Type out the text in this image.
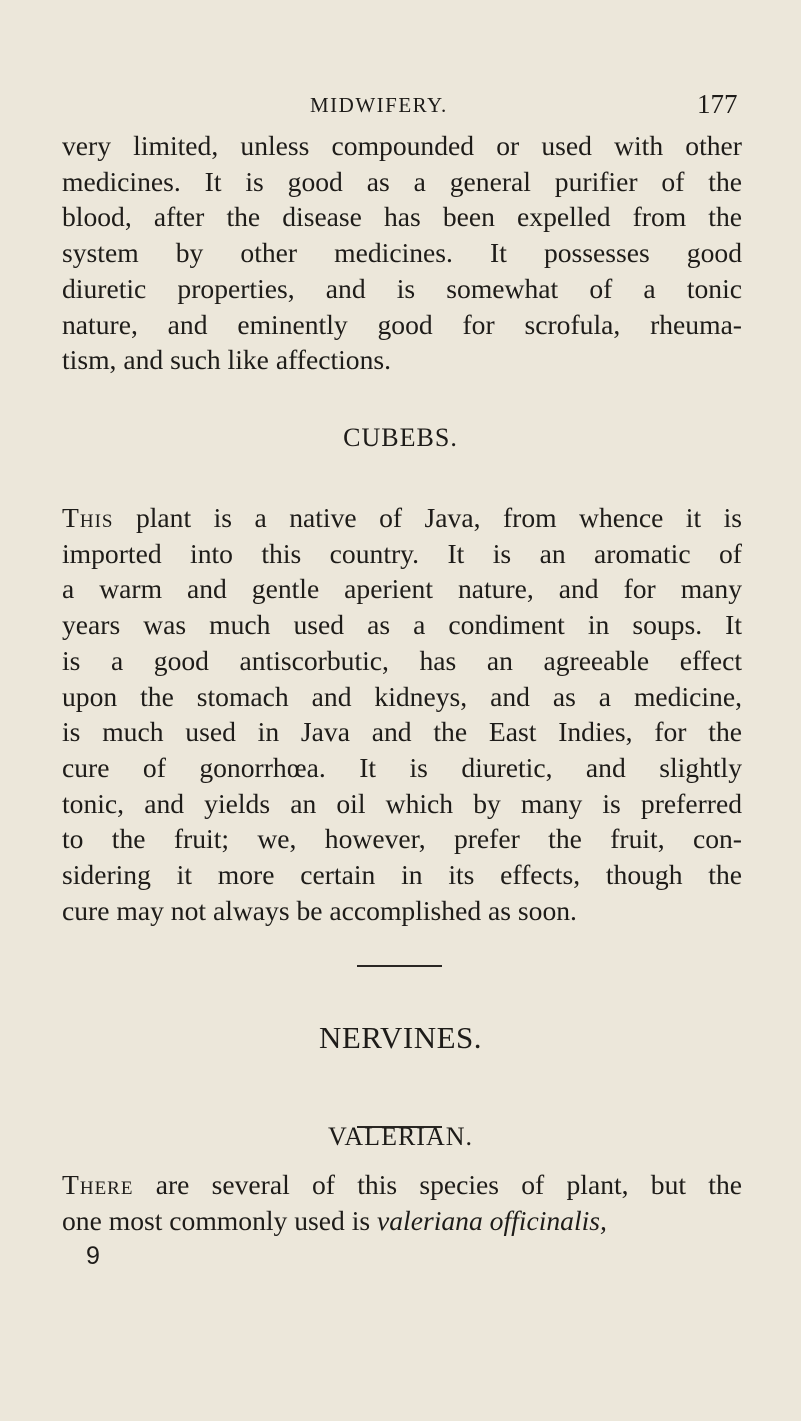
MIDWIFERY.	177
very limited, unless compounded or used with other
medicines. It is good as a general purifier of the
blood, after the disease has been expelled from the
system by other medicines. It possesses good
diuretic properties, and is somewhat of a tonic
nature, and eminently good for scrofula, rheuma-
tism, and such like affections.
CUBEBS.
This plant is a native of Java, from whence it is
imported into this country. It is an aromatic of
a warm and gentle aperient nature, and for many
years was much used as a condiment in soups. It
is a good antiscorbutic, has an agreeable effect
upon the stomach and kidneys, and as a medicine,
is much used in Java and the East Indies, for the
cure of gonorrhœa. It is diuretic, and slightly
tonic, and yields an oil which by many is preferred
to the fruit; we, however, prefer the fruit, con-
sidering it more certain in its effects, though the
cure may not always be accomplished as soon.
NERVINES.
VALERIAN.
There are several of this species of plant, but the
one most commonly used is valeriana officinalis,
9
